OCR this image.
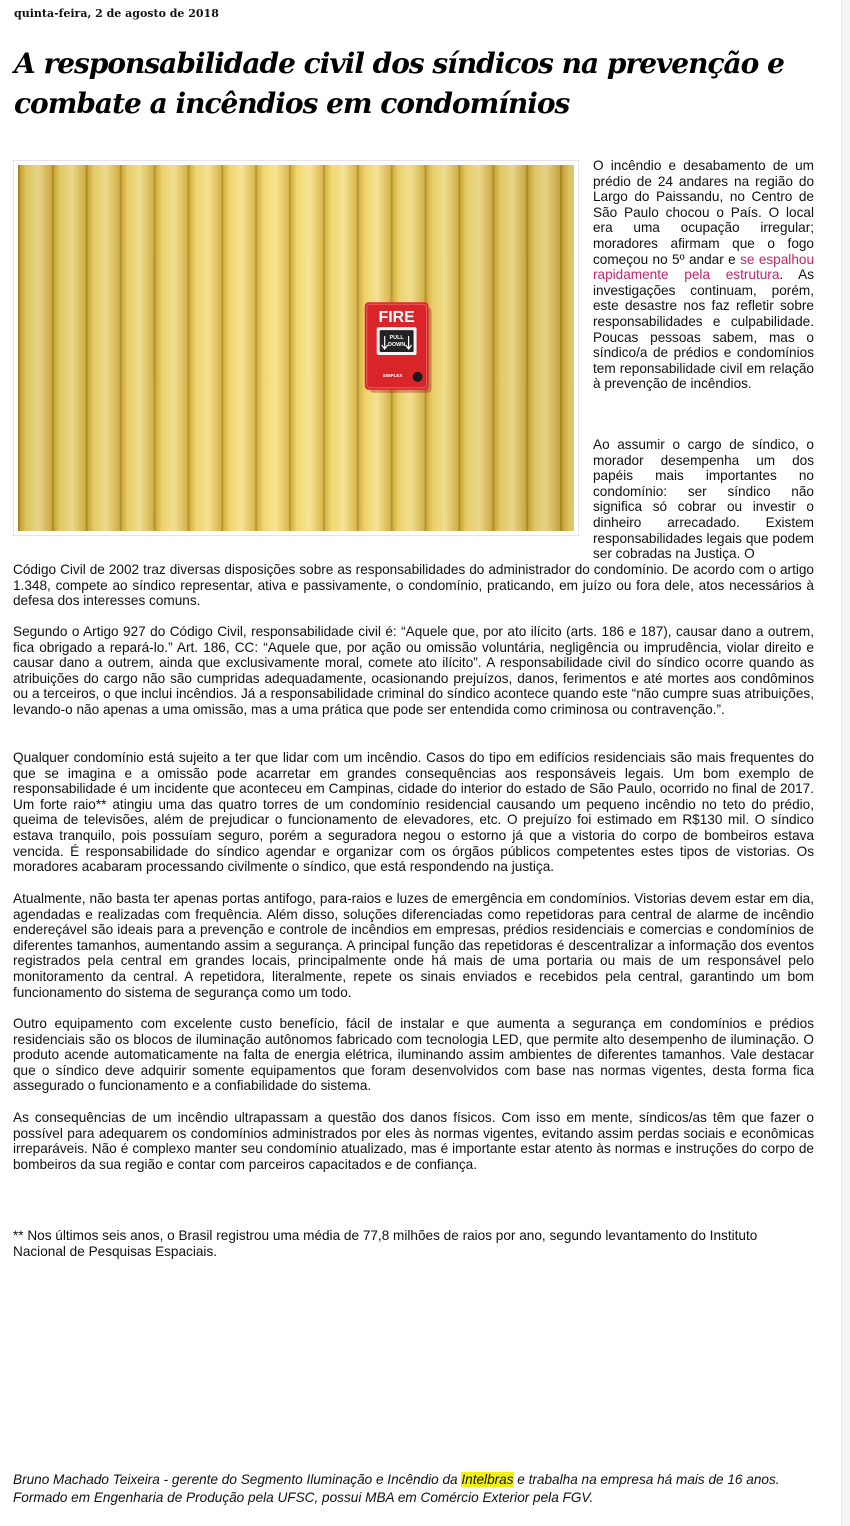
quinta-feira, 2 de agosto de 2018
A responsabilidade civil dos síndicos na prevenção e combate a incêndios em condomínios
FIRE
PULL
DOWN
SIMPLEX

O incêndio e desabamento de um prédio de 24 andares na região do Largo do Paissandu, no Centro de São Paulo chocou o País. O local era uma ocupação irregular; moradores afirmam que o fogo começou no 5º andar e se espalhou rapidamente pela estrutura. As investigações continuam, porém, este desastre nos faz refletir sobre responsabilidades e culpabilidade. Poucas pessoas sabem, mas o síndico/a de prédios e condomínios tem reponsabilidade civil em relação à prevenção de incêndios.

Ao assumir o cargo de síndico, o morador desempenha um dos papéis mais importantes no condomínio: ser síndico não significa só cobrar ou investir o dinheiro arrecadado. Existem responsabilidades legais que podem ser cobradas na Justiça. O

Código Civil de 2002 traz diversas disposições sobre as responsabilidades do administrador do condomínio. De acordo com o artigo 1.348, compete ao síndico representar, ativa e passivamente, o condomínio, praticando, em juízo ou fora dele, atos necessários à defesa dos interesses comuns.

Segundo o Artigo 927 do Código Civil, responsabilidade civil é: “Aquele que, por ato ilícito (arts. 186 e 187), causar dano a outrem, fica obrigado a repará-lo.” Art. 186, CC: “Aquele que, por ação ou omissão voluntária, negligência ou imprudência, violar direito e causar dano a outrem, ainda que exclusivamente moral, comete ato ilícito”. A responsabilidade civil do síndico ocorre quando as atribuições do cargo não são cumpridas adequadamente, ocasionando prejuízos, danos, ferimentos e até mortes aos condôminos ou a terceiros, o que inclui incêndios. Já a responsabilidade criminal do síndico acontece quando este “não cumpre suas atribuições, levando-o não apenas a uma omissão, mas a uma prática que pode ser entendida como criminosa ou contravenção.”.

Qualquer condomínio está sujeito a ter que lidar com um incêndio. Casos do tipo em edifícios residenciais são mais frequentes do que se imagina e a omissão pode acarretar em grandes consequências aos responsáveis legais. Um bom exemplo de responsabilidade é um incidente que aconteceu em Campinas, cidade do interior do estado de São Paulo, ocorrido no final de 2017. Um forte raio** atingiu uma das quatro torres de um condomínio residencial causando um pequeno incêndio no teto do prédio, queima de televisões, além de prejudicar o funcionamento de elevadores, etc. O prejuízo foi estimado em R$130 mil. O síndico estava tranquilo, pois possuíam seguro, porém a seguradora negou o estorno já que a vistoria do corpo de bombeiros estava vencida. É responsabilidade do síndico agendar e organizar com os órgãos públicos competentes estes tipos de vistorias. Os moradores acabaram processando civilmente o síndico, que está respondendo na justiça.

Atualmente, não basta ter apenas portas antifogo, para-raios e luzes de emergência em condomínios. Vistorias devem estar em dia, agendadas e realizadas com frequência. Além disso, soluções diferenciadas como repetidoras para central de alarme de incêndio endereçável são ideais para a prevenção e controle de incêndios em empresas, prédios residenciais e comercias e condomínios de diferentes tamanhos, aumentando assim a segurança. A principal função das repetidoras é descentralizar a informação dos eventos registrados pela central em grandes locais, principalmente onde há mais de uma portaria ou mais de um responsável pelo monitoramento da central. A repetidora, literalmente, repete os sinais enviados e recebidos pela central, garantindo um bom funcionamento do sistema de segurança como um todo.

Outro equipamento com excelente custo benefício, fácil de instalar e que aumenta a segurança em condomínios e prédios residenciais são os blocos de iluminação autônomos fabricado com tecnologia LED, que permite alto desempenho de iluminação. O produto acende automaticamente na falta de energia elétrica, iluminando assim ambientes de diferentes tamanhos. Vale destacar que o síndico deve adquirir somente equipamentos que foram desenvolvidos com base nas normas vigentes, desta forma fica assegurado o funcionamento e a confiabilidade do sistema.

As consequências de um incêndio ultrapassam a questão dos danos físicos. Com isso em mente, síndicos/as têm que fazer o possível para adequarem os condomínios administrados por eles às normas vigentes, evitando assim perdas sociais e econômicas irreparáveis. Não é complexo manter seu condomínio atualizado, mas é importante estar atento às normas e instruções do corpo de bombeiros da sua região e contar com parceiros capacitados e de confiança.

** Nos últimos seis anos, o Brasil registrou uma média de 77,8 milhões de raios por ano, segundo levantamento do Instituto Nacional de Pesquisas Espaciais.
Bruno Machado Teixeira - gerente do Segmento Iluminação e Incêndio da Intelbras e trabalha na empresa há mais de 16 anos. Formado em Engenharia de Produção pela UFSC, possui MBA em Comércio Exterior pela FGV.
